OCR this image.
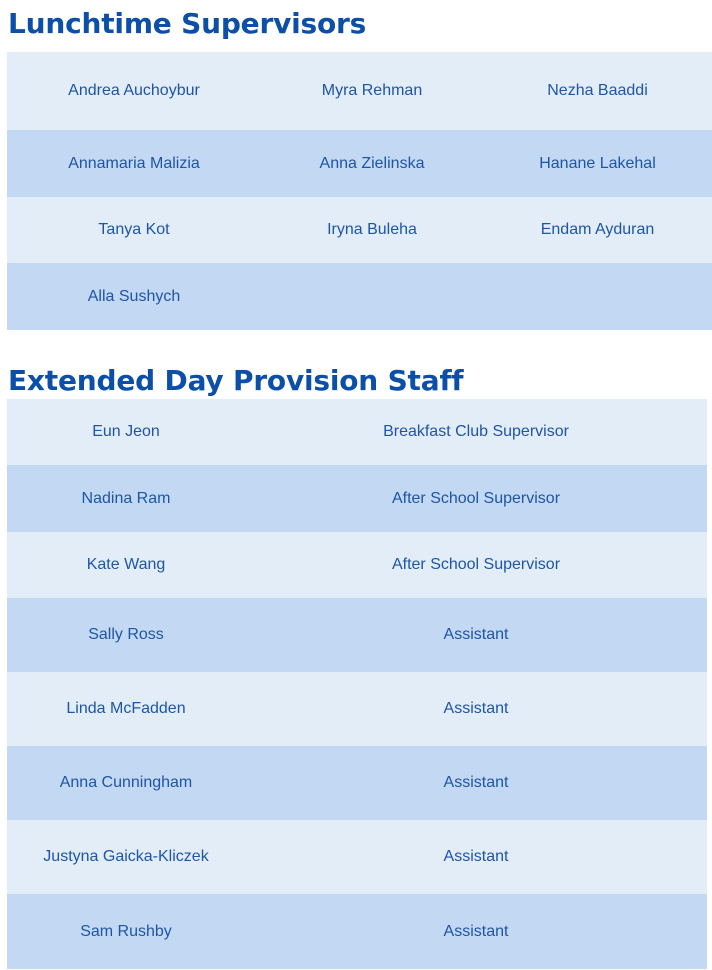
Lunchtime Supervisors
Andrea Auchoybur	Myra Rehman	Nezha Baaddi
Annamaria Malizia	Anna Zielinska	Hanane Lakehal
Tanya Kot	Iryna Buleha	Endam Ayduran
Alla Sushych
Extended Day Provision Staff
Eun Jeon	Breakfast Club Supervisor
Nadina Ram	After School Supervisor
Kate Wang	After School Supervisor
Sally Ross	Assistant
Linda McFadden	Assistant
Anna Cunningham	Assistant
Justyna Gaicka-Kliczek	Assistant
Sam Rushby	Assistant
